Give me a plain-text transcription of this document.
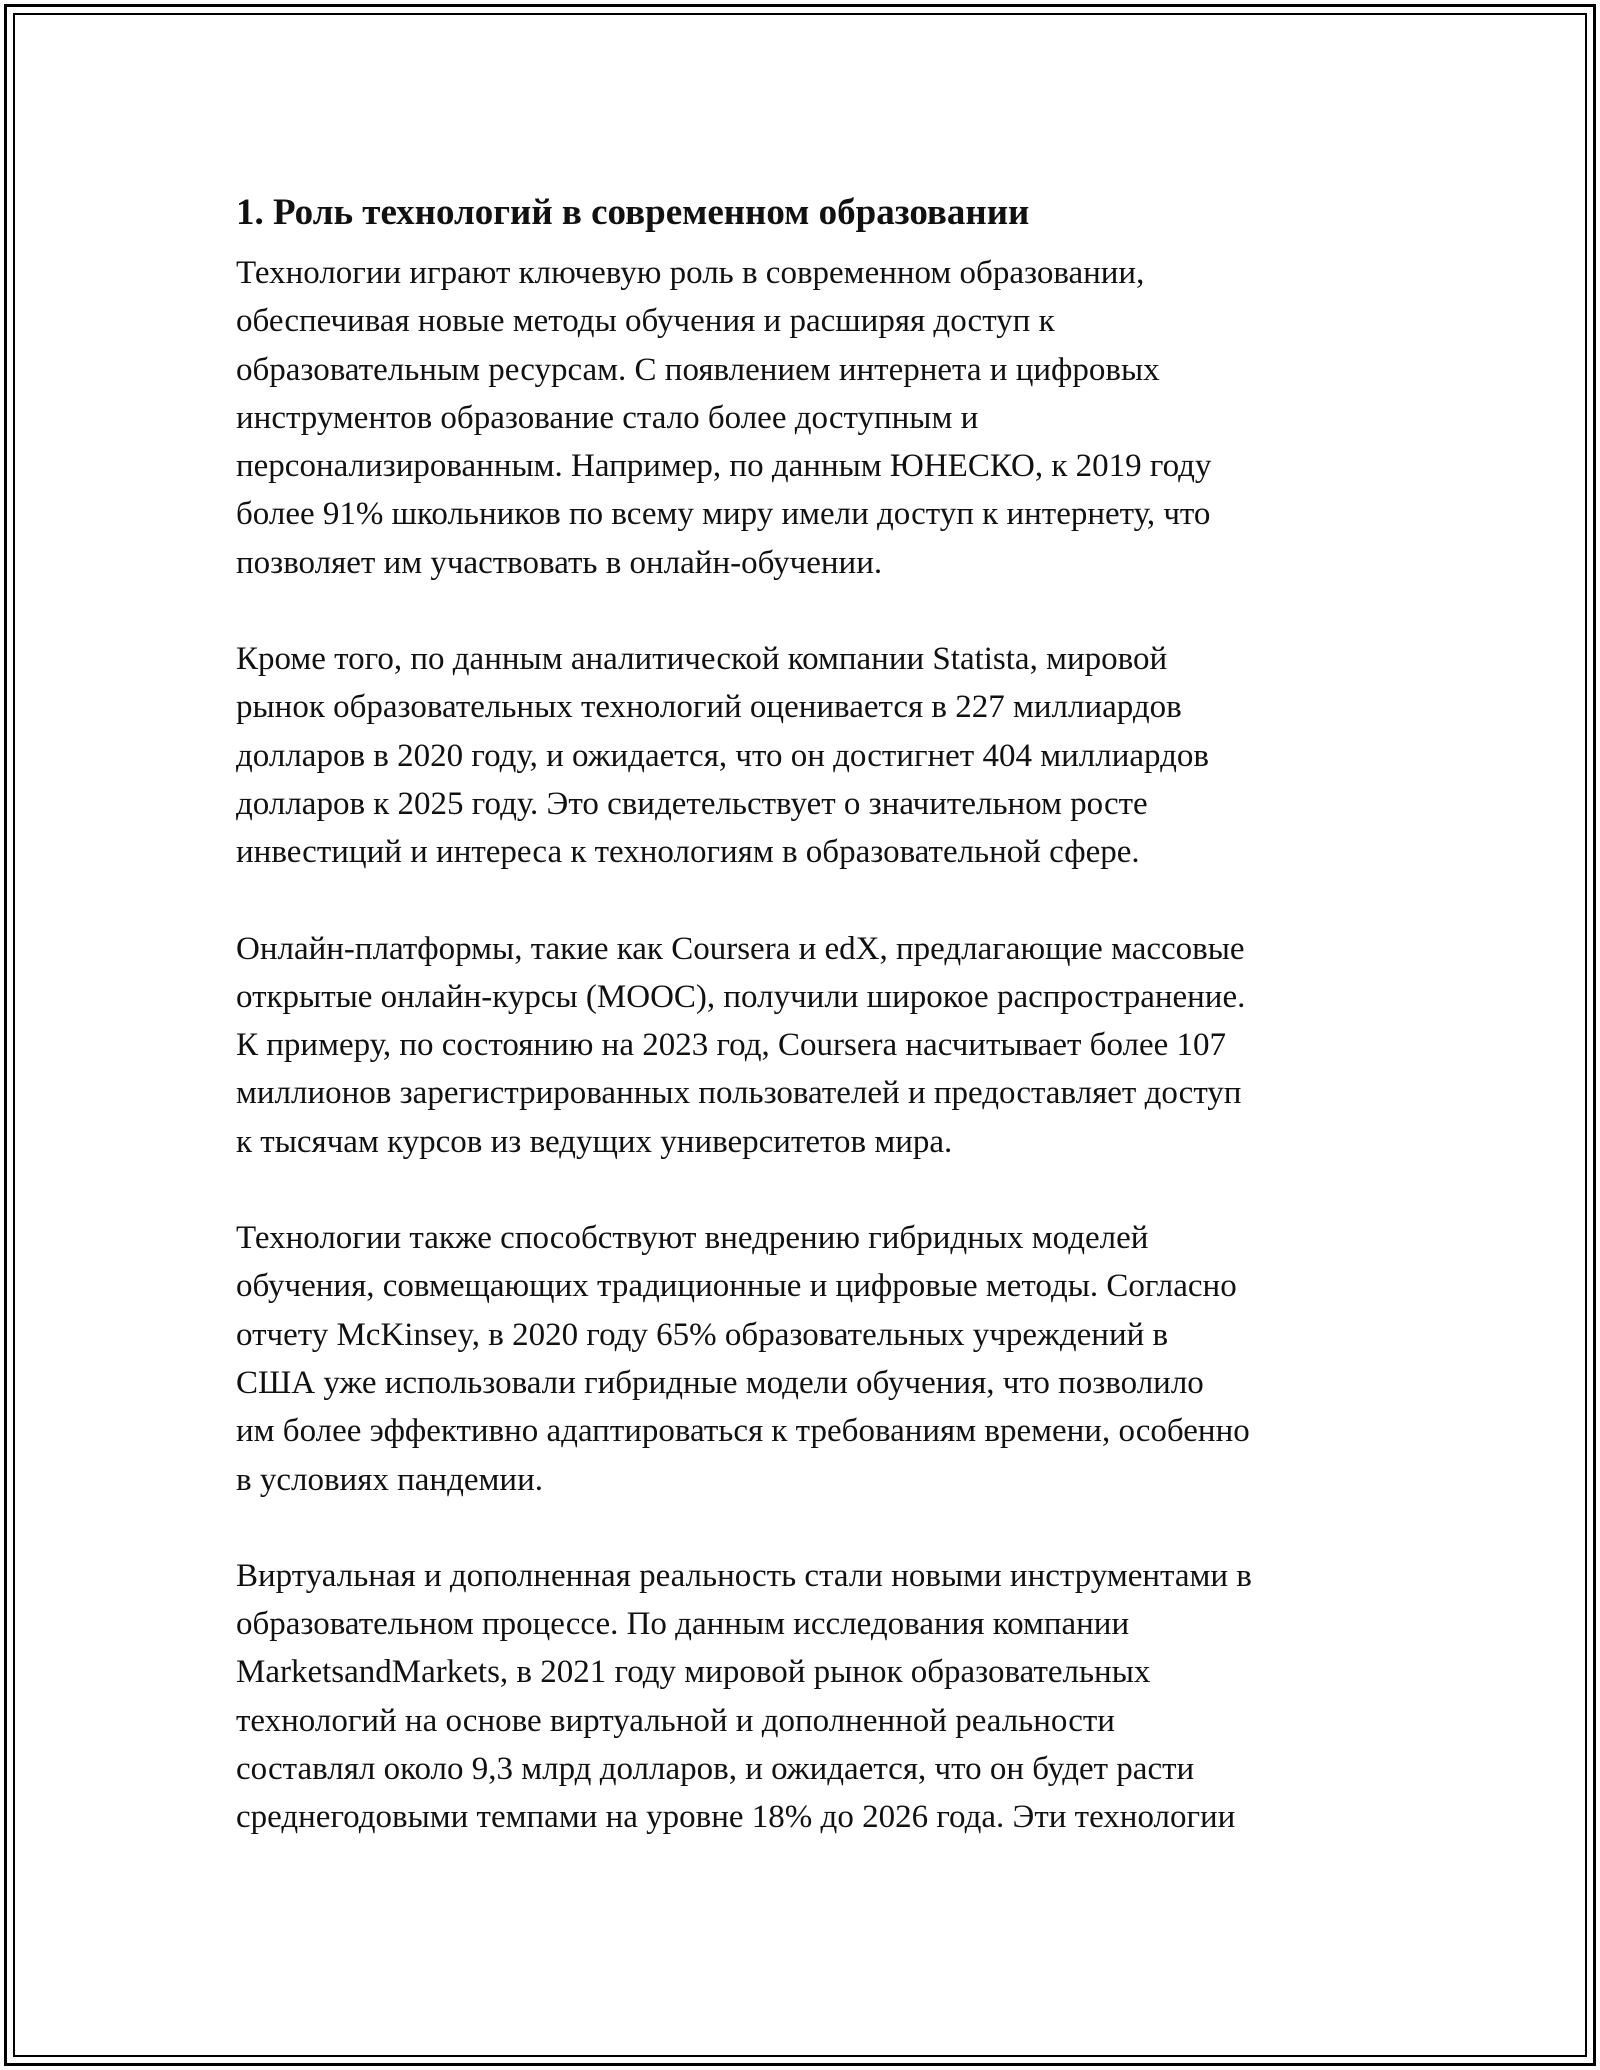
1. Роль технологий в современном образовании

Технологии играют ключевую роль в современном образовании,
обеспечивая новые методы обучения и расширяя доступ к
образовательным ресурсам. С появлением интернета и цифровых
инструментов образование стало более доступным и
персонализированным. Например, по данным ЮНЕСКО, к 2019 году
более 91% школьников по всему миру имели доступ к интернету, что
позволяет им участвовать в онлайн-обучении.

Кроме того, по данным аналитической компании Statista, мировой
рынок образовательных технологий оценивается в 227 миллиардов
долларов в 2020 году, и ожидается, что он достигнет 404 миллиардов
долларов к 2025 году. Это свидетельствует о значительном росте
инвестиций и интереса к технологиям в образовательной сфере.

Онлайн-платформы, такие как Coursera и edX, предлагающие массовые
открытые онлайн-курсы (MOOC), получили широкое распространение.
К примеру, по состоянию на 2023 год, Coursera насчитывает более 107
миллионов зарегистрированных пользователей и предоставляет доступ
к тысячам курсов из ведущих университетов мира.

Технологии также способствуют внедрению гибридных моделей
обучения, совмещающих традиционные и цифровые методы. Согласно
отчету McKinsey, в 2020 году 65% образовательных учреждений в
США уже использовали гибридные модели обучения, что позволило
им более эффективно адаптироваться к требованиям времени, особенно
в условиях пандемии.

Виртуальная и дополненная реальность стали новыми инструментами в
образовательном процессе. По данным исследования компании
MarketsandMarkets, в 2021 году мировой рынок образовательных
технологий на основе виртуальной и дополненной реальности
составлял около 9,3 млрд долларов, и ожидается, что он будет расти
среднегодовыми темпами на уровне 18% до 2026 года. Эти технологии
